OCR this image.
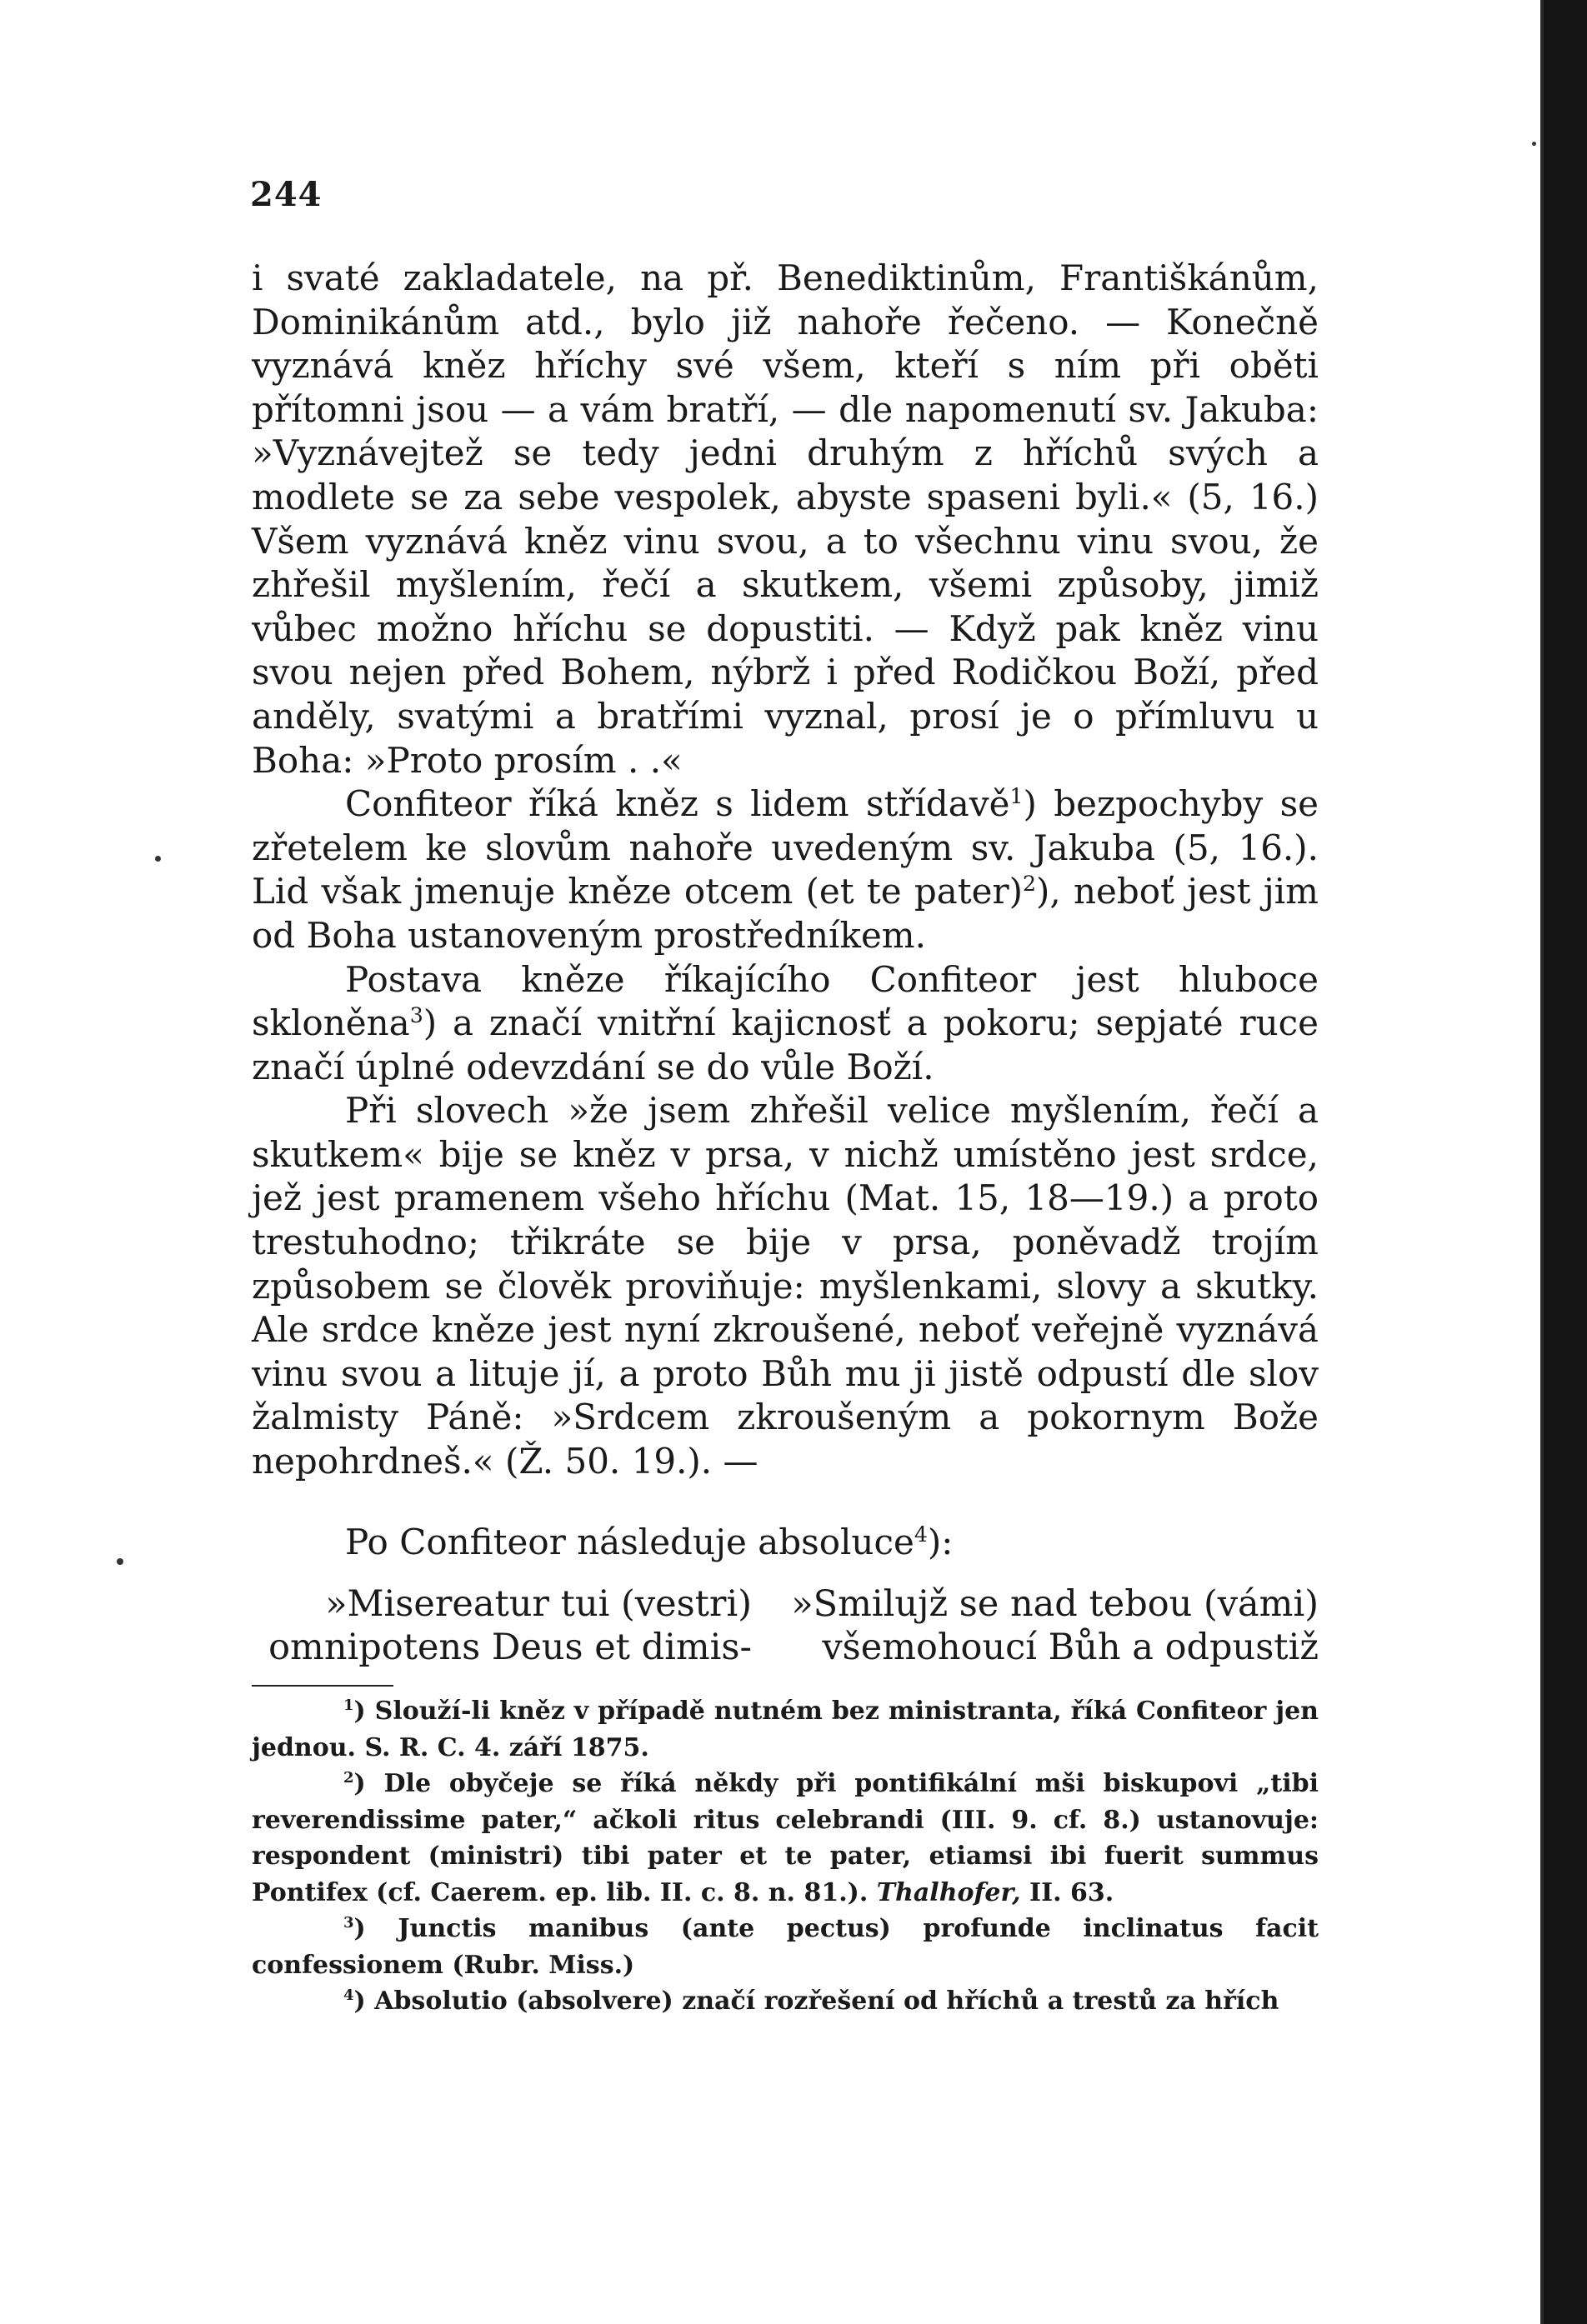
244

i svaté zakladatele, na př. Benediktinům, Františkánům, Dominikánům atd., bylo již nahoře řečeno. — Konečně vyznává kněz hříchy své všem, kteří s ním při oběti přítomni jsou — a vám bratří, — dle napomenutí sv. Jakuba: »Vyznávejtež se tedy jedni druhým z hříchů svých a modlete se za sebe vespolek, abyste spaseni byli.« (5, 16.) Všem vyznává kněz vinu svou, a to všechnu vinu svou, že zhřešil myšlením, řečí a skutkem, všemi způsoby, jimiž vůbec možno hříchu se dopustiti. — Když pak kněz vinu svou nejen před Bohem, nýbrž i před Rodičkou Boží, před anděly, svatými a bratřími vyznal, prosí je o přímluvu u Boha: »Proto prosím . .«

Confiteor říká kněz s lidem střídavě$^1$) bezpochyby se zřetelem ke slovům nahoře uvedeným sv. Jakuba (5, 16.). Lid však jmenuje kněze otcem (et te pater)$^2$), neboť jest jim od Boha ustanoveným prostředníkem.

Postava kněze říkajícího Confiteor jest hluboce skloněna$^3$) a značí vnitřní kajicnosť a pokoru; sepjaté ruce značí úplné odevzdání se do vůle Boží.

Při slovech »že jsem zhřešil velice myšlením, řečí a skutkem« bije se kněz v prsa, v nichž umístěno jest srdce, jež jest pramenem všeho hříchu (Mat. 15, 18—19.) a proto trestuhodno; třikráte se bije v prsa, poněvadž trojím způsobem se člověk proviňuje: myšlenkami, slovy a skutky. Ale srdce kněze jest nyní zkroušené, neboť veřejně vyznává vinu svou a lituje jí, a proto Bůh mu ji jistě odpustí dle slov žalmisty Páně: »Srdcem zkroušeným a pokornym Bože nepohrdneš.« (Ž. 50. 19.). —

Po Confiteor následuje absoluce$^4$):

»Misereatur tui (vestri)
omnipotens Deus et dimis-
»Smilujž se nad tebou (vámi)
všemohoucí Bůh a odpustiž

$^1$) Slouží-li kněz v případě nutném bez ministranta, říká Confiteor jen jednou. S. R. C. 4. září 1875.

$^2$) Dle obyčeje se říká někdy při pontifikální mši biskupovi „tibi reverendissime pater,“ ačkoli ritus celebrandi (III. 9. cf. 8.) ustanovuje: respondent (ministri) tibi pater et te pater, etiamsi ibi fuerit summus Pontifex (cf. Caerem. ep. lib. II. c. 8. n. 81.). Thalhofer, II. 63.

$^3$) Junctis manibus (ante pectus) profunde inclinatus facit confessionem (Rubr. Miss.)

$^4$) Absolutio (absolvere) značí rozřešení od hříchů a trestů za hřích
